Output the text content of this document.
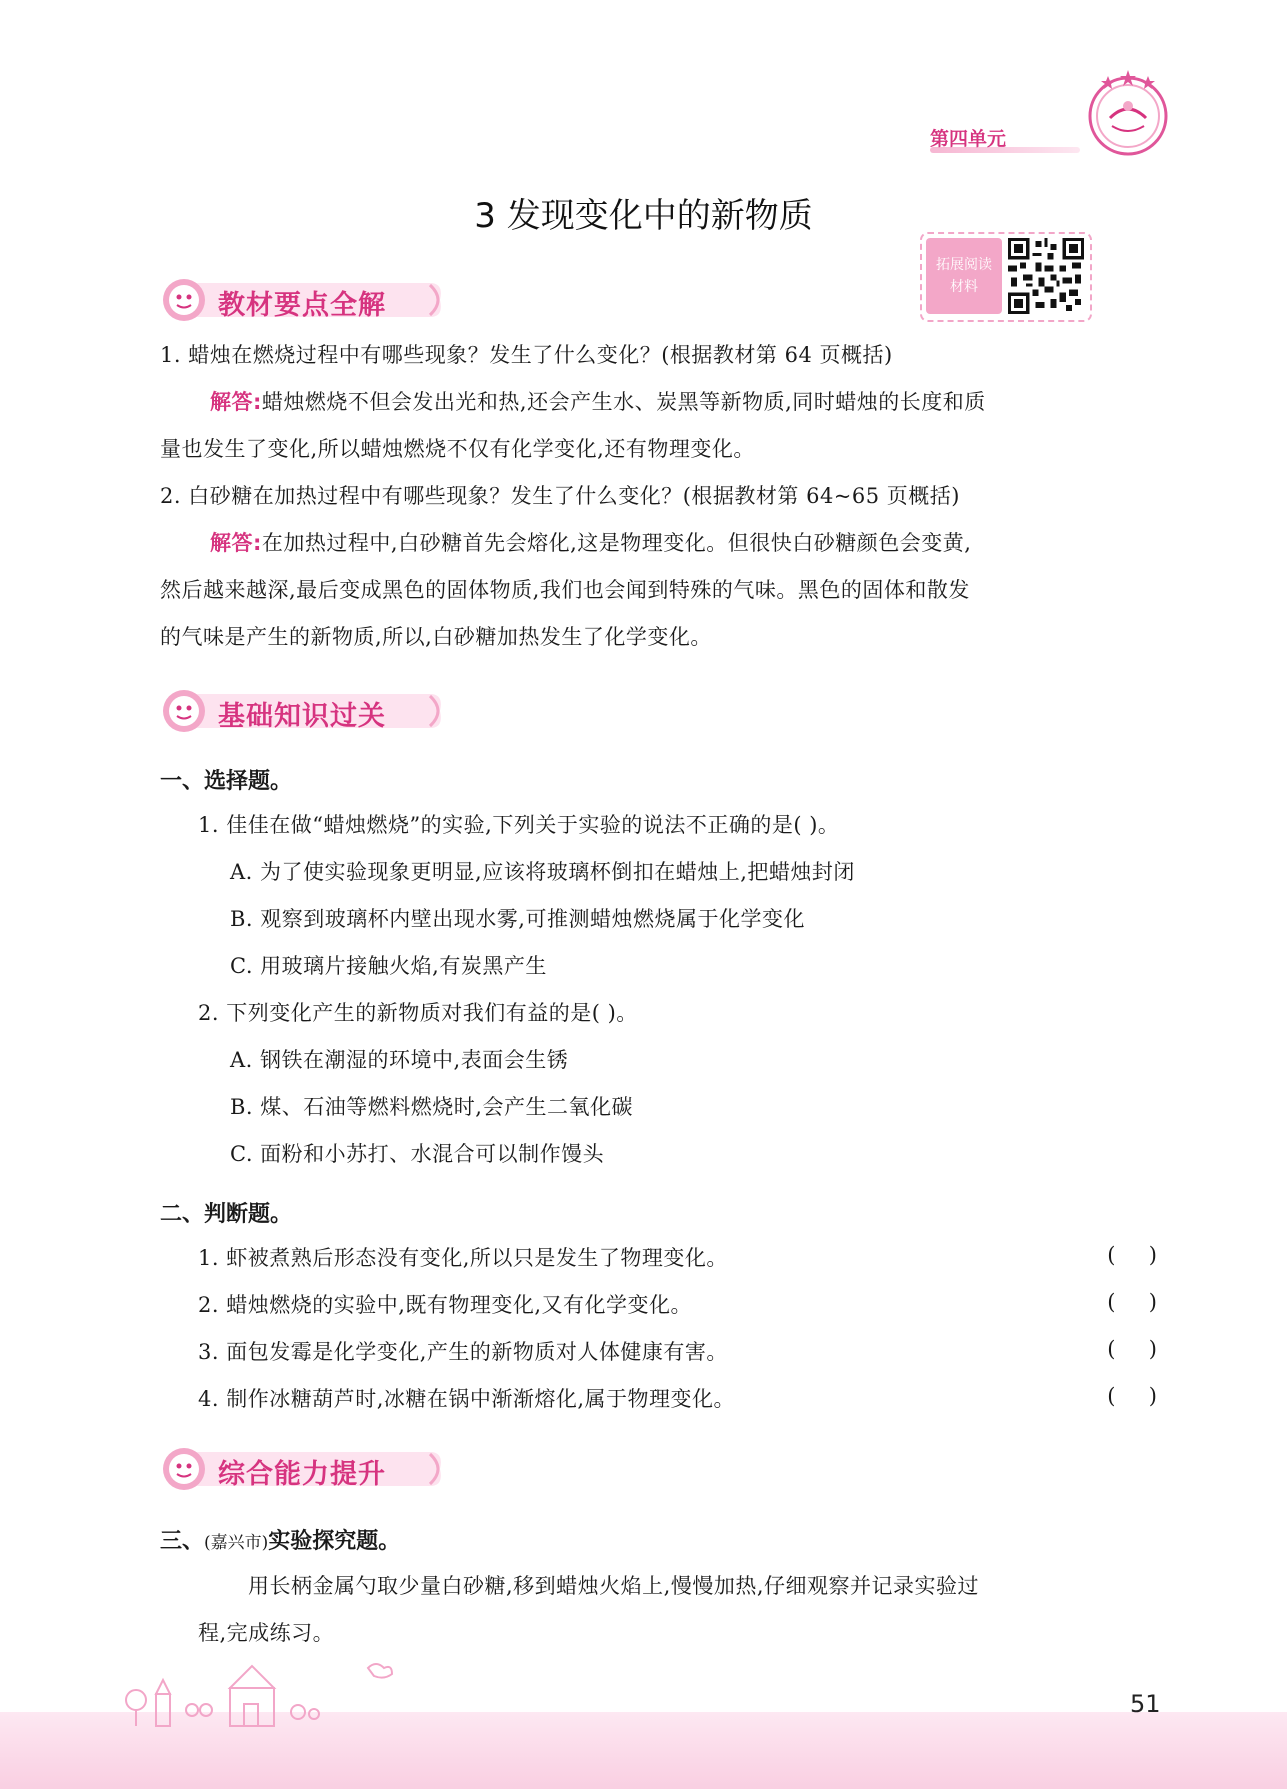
第四单元
3 发现变化中的新物质
拓展阅读
材料
教材要点全解
1. 蜡烛在燃烧过程中有哪些现象？发生了什么变化？(根据教材第 64 页概括)
解答:蜡烛燃烧不但会发出光和热,还会产生水、炭黑等新物质,同时蜡烛的长度和质
量也发生了变化,所以蜡烛燃烧不仅有化学变化,还有物理变化。
2. 白砂糖在加热过程中有哪些现象？发生了什么变化？(根据教材第 64~65 页概括)
解答:在加热过程中,白砂糖首先会熔化,这是物理变化。但很快白砂糖颜色会变黄,
然后越来越深,最后变成黑色的固体物质,我们也会闻到特殊的气味。黑色的固体和散发
的气味是产生的新物质,所以,白砂糖加热发生了化学变化。
基础知识过关
一、选择题。
1. 佳佳在做“蜡烛燃烧”的实验,下列关于实验的说法不正确的是( )。
A. 为了使实验现象更明显,应该将玻璃杯倒扣在蜡烛上,把蜡烛封闭
B. 观察到玻璃杯内壁出现水雾,可推测蜡烛燃烧属于化学变化
C. 用玻璃片接触火焰,有炭黑产生
2. 下列变化产生的新物质对我们有益的是( )。
A. 钢铁在潮湿的环境中,表面会生锈
B. 煤、石油等燃料燃烧时,会产生二氧化碳
C. 面粉和小苏打、水混合可以制作馒头
二、判断题。
1. 虾被煮熟后形态没有变化,所以只是发生了物理变化。	(     )
2. 蜡烛燃烧的实验中,既有物理变化,又有化学变化。	(     )
3. 面包发霉是化学变化,产生的新物质对人体健康有害。	(     )
4. 制作冰糖葫芦时,冰糖在锅中渐渐熔化,属于物理变化。	(     )
综合能力提升
三、(嘉兴市)实验探究题。
用长柄金属勺取少量白砂糖,移到蜡烛火焰上,慢慢加热,仔细观察并记录实验过
程,完成练习。
51
